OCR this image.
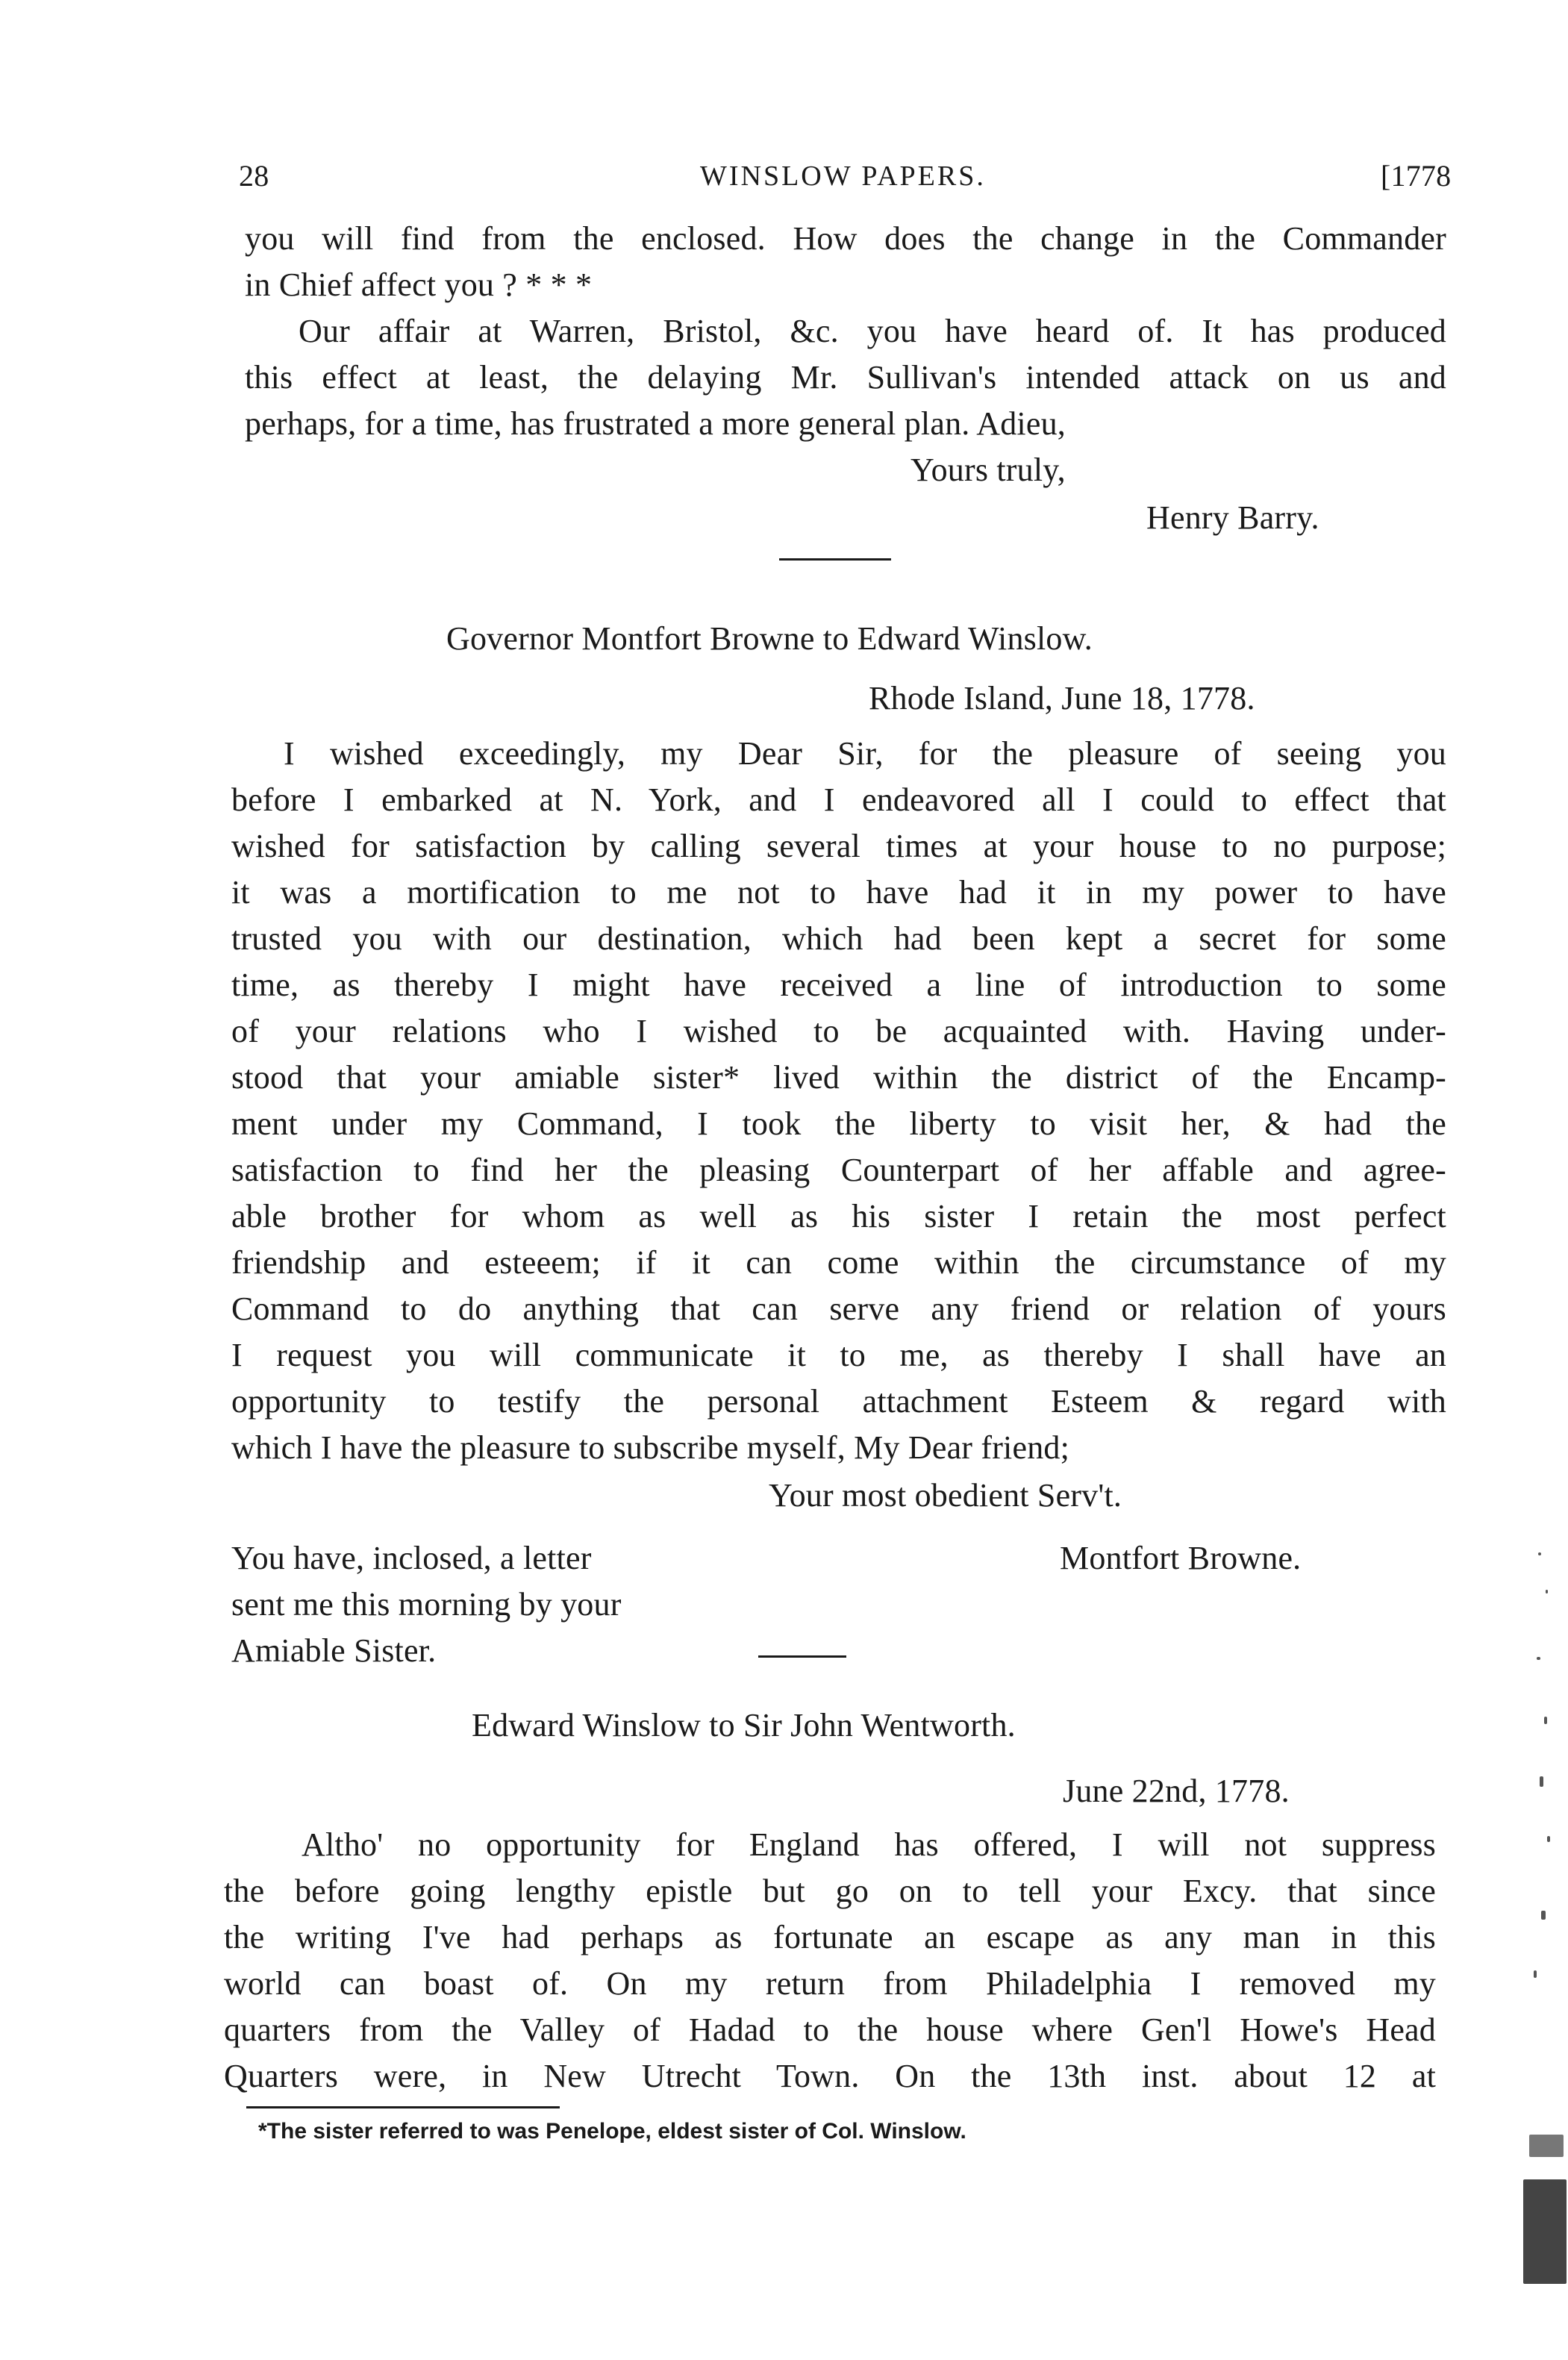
28	WINSLOW PAPERS.	[1778
you will find from the enclosed. How does the change in the Commander
in Chief affect you ? * * *
Our affair at Warren, Bristol, &c. you have heard of. It has produced
this effect at least, the delaying Mr. Sullivan's intended attack on us and
perhaps, for a time, has frustrated a more general plan. Adieu,
Yours truly,
Henry Barry.
Governor Montfort Browne to Edward Winslow.
Rhode Island, June 18, 1778.
I wished exceedingly, my Dear Sir, for the pleasure of seeing you
before I embarked at N. York, and I endeavored all I could to effect that
wished for satisfaction by calling several times at your house to no purpose;
it was a mortification to me not to have had it in my power to have
trusted you with our destination, which had been kept a secret for some
time, as thereby I might have received a line of introduction to some
of your relations who I wished to be acquainted with. Having under-
stood that your amiable sister* lived within the district of the Encamp-
ment under my Command, I took the liberty to visit her, & had the
satisfaction to find her the pleasing Counterpart of her affable and agree-
able brother for whom as well as his sister I retain the most perfect
friendship and esteeem; if it can come within the circumstance of my
Command to do anything that can serve any friend or relation of yours
I request you will communicate it to me, as thereby I shall have an
opportunity to testify the personal attachment Esteem & regard with
which I have the pleasure to subscribe myself, My Dear friend;
Your most obedient Serv't.
You have, inclosed, a letter	Montfort Browne.
sent me this morning by your
Amiable Sister.
Edward Winslow to Sir John Wentworth.
June 22nd, 1778.
Altho' no opportunity for England has offered, I will not suppress
the before going lengthy epistle but go on to tell your Excy. that since
the writing I've had perhaps as fortunate an escape as any man in this
world can boast of. On my return from Philadelphia I removed my
quarters from the Valley of Hadad to the house where Gen'l Howe's Head
Quarters were, in New Utrecht Town. On the 13th inst. about 12 at
*The sister referred to was Penelope, eldest sister of Col. Winslow.
